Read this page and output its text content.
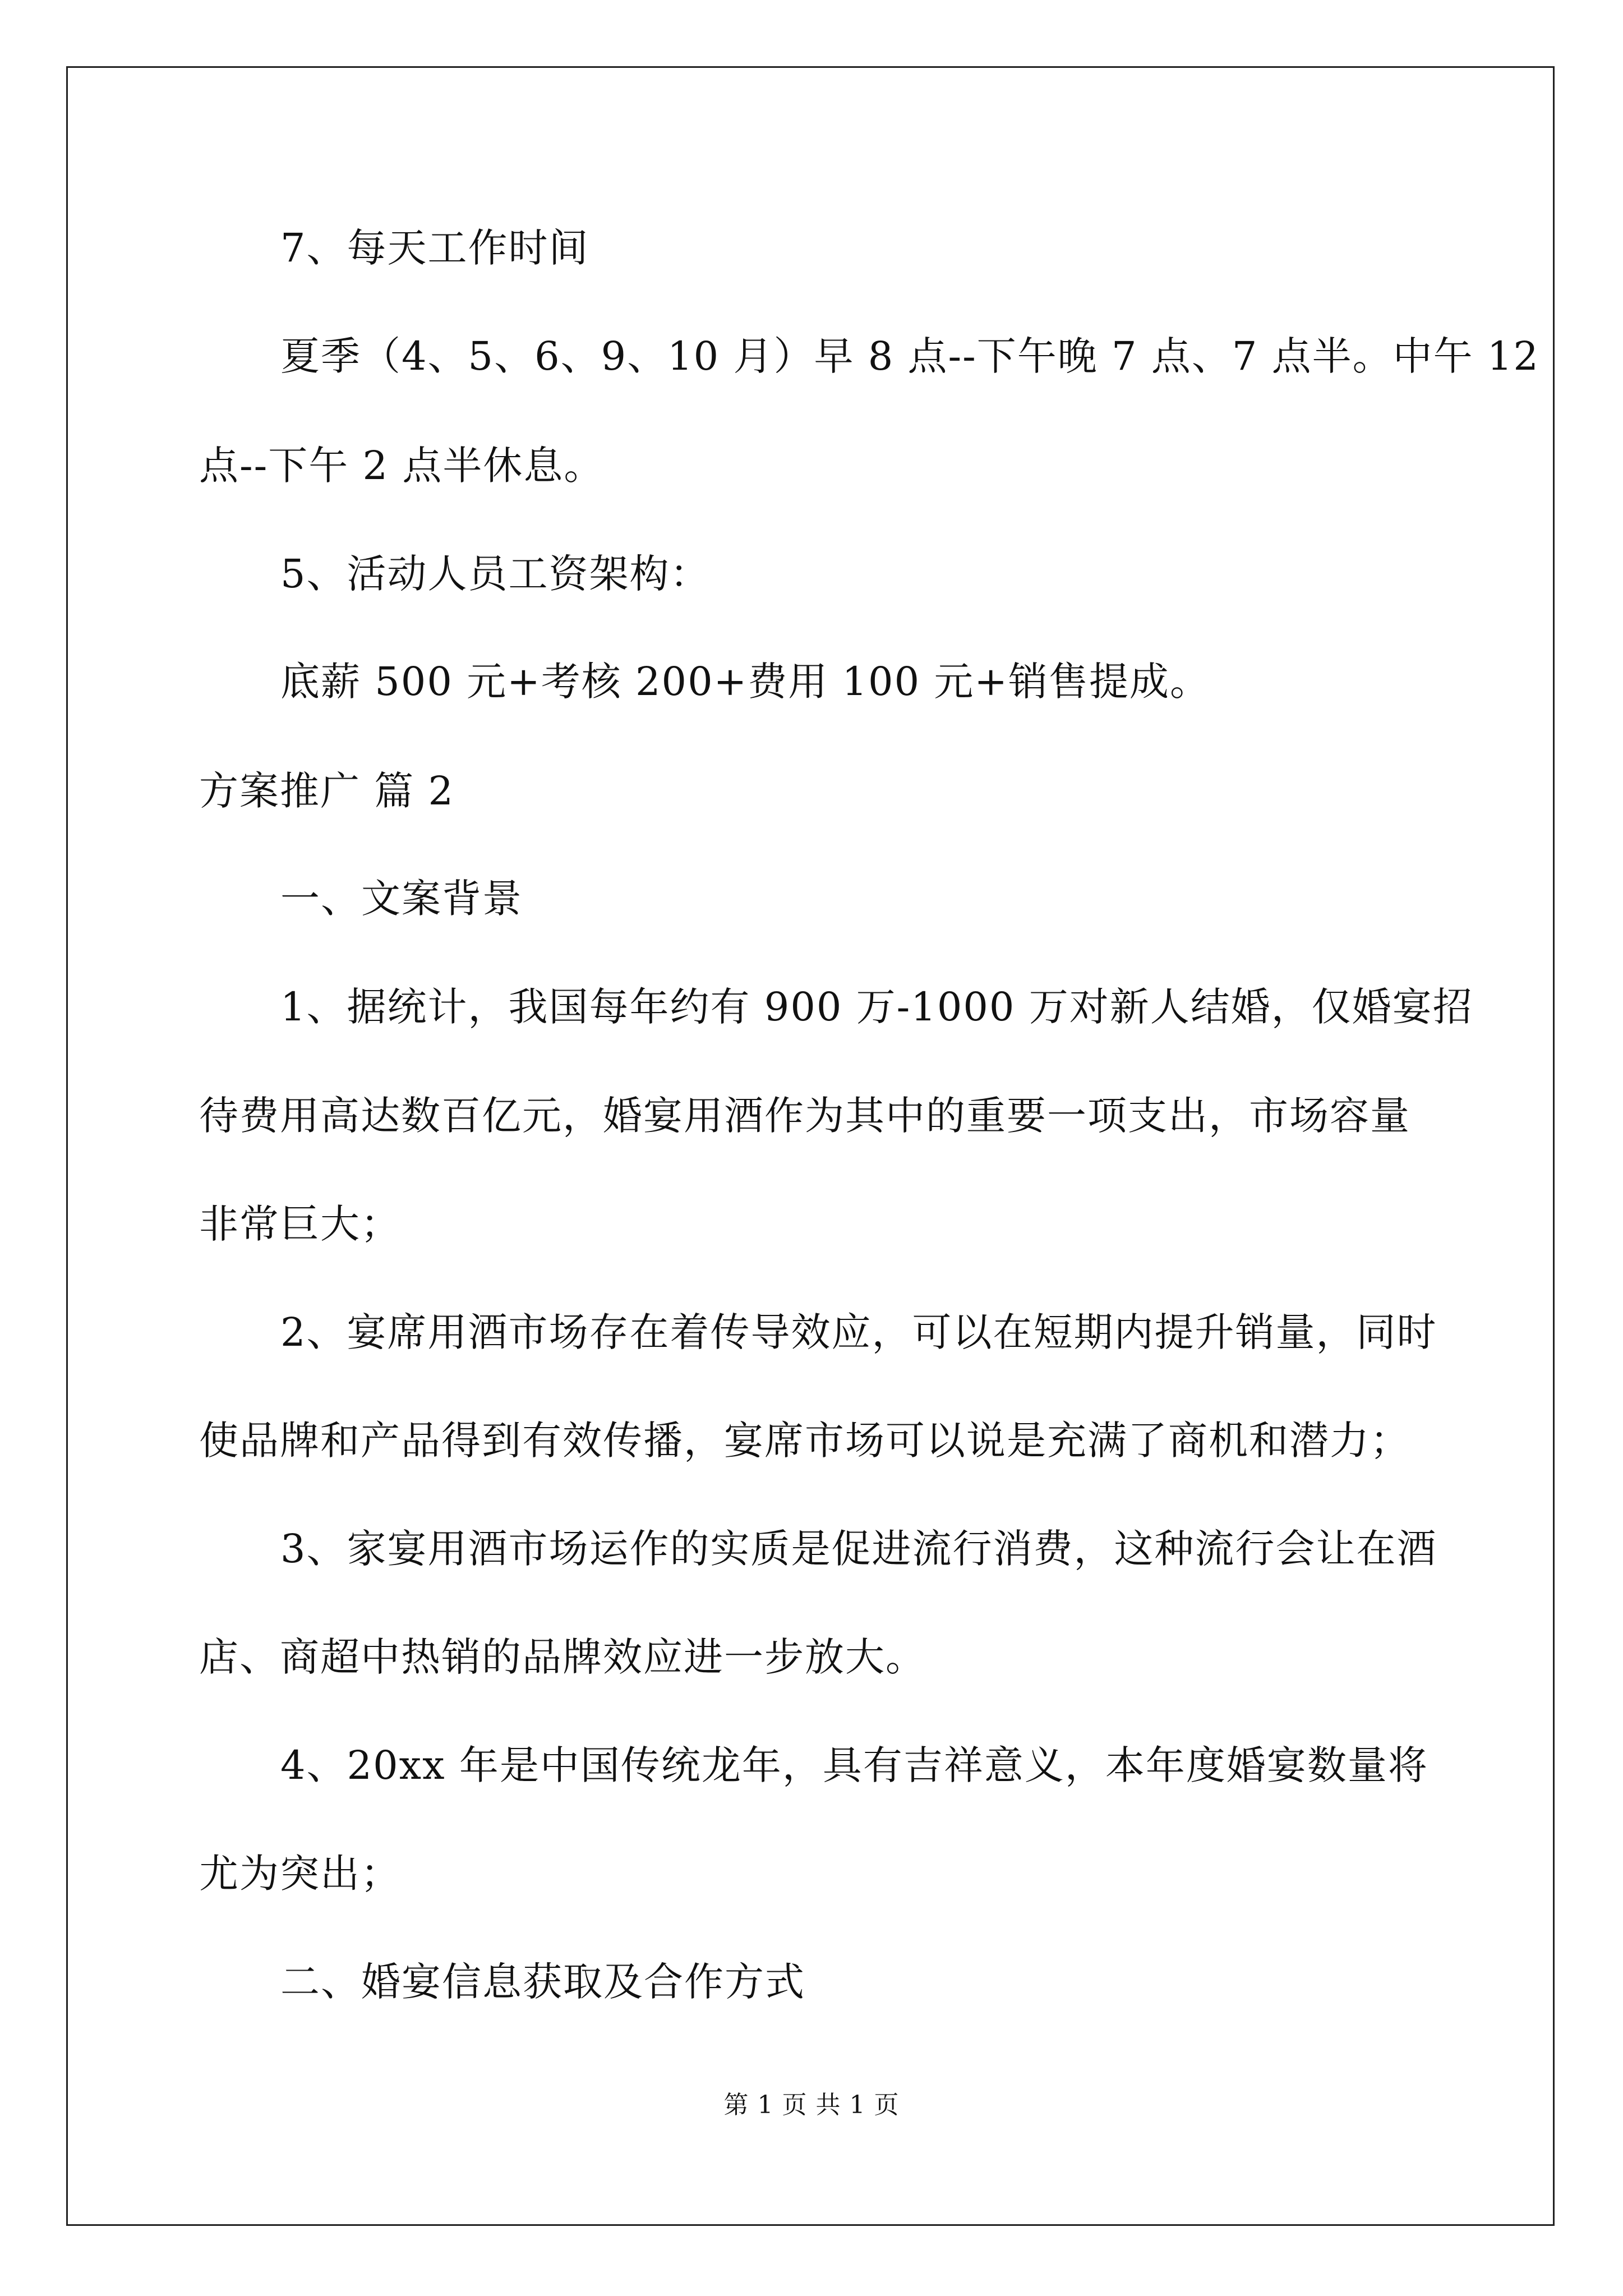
7、每天工作时间
夏季（4、5、6、9、10 月）早 8 点--下午晚 7 点、7 点半。中午 12
点--下午 2 点半休息。
5、活动人员工资架构：
底薪 500 元+考核 200+费用 100 元+销售提成。
方案推广 篇 2
一、文案背景
1、据统计，我国每年约有 900 万-1000 万对新人结婚，仅婚宴招
待费用高达数百亿元，婚宴用酒作为其中的重要一项支出，市场容量
非常巨大；
2、宴席用酒市场存在着传导效应，可以在短期内提升销量，同时
使品牌和产品得到有效传播，宴席市场可以说是充满了商机和潜力；
3、家宴用酒市场运作的实质是促进流行消费，这种流行会让在酒
店、商超中热销的品牌效应进一步放大。
4、20xx 年是中国传统龙年，具有吉祥意义，本年度婚宴数量将
尤为突出；
二、婚宴信息获取及合作方式
第 1 页 共 1 页
